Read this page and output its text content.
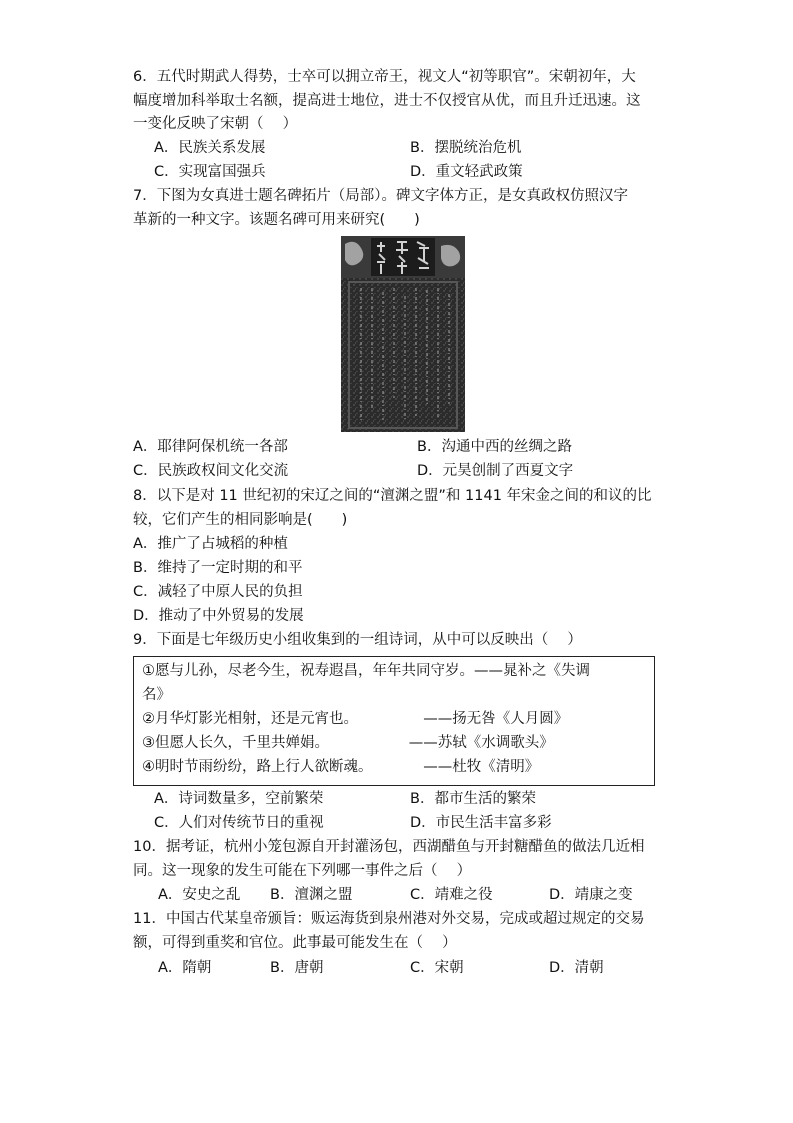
6．五代时期武人得势，士卒可以拥立帝王，视文人“初等职官”。宋朝初年，大
幅度增加科举取士名额，提高进士地位，进士不仅授官从优，而且升迁迅速。这
一变化反映了宋朝（　 ）
A．民族关系发展	B．摆脱统治危机
C．实现富国强兵	D．重文轻武政策
7．下图为女真进士题名碑拓片（局部）。碑文字体方正，是女真政权仿照汉字
革新的一种文字。该题名碑可用来研究(　　)
A．耶律阿保机统一各部	B．沟通中西的丝绸之路
C．民族政权间文化交流	D．元昊创制了西夏文字
8．以下是对 11 世纪初的宋辽之间的“澶渊之盟”和 1141 年宋金之间的和议的比
较，它们产生的相同影响是(　　)
A．推广了占城稻的种植
B．维持了一定时期的和平
C．减轻了中原人民的负担
D．推动了中外贸易的发展
9．下面是七年级历史小组收集到的一组诗词，从中可以反映出（　 ）
①愿与儿孙，尽老今生，祝寿遐昌，年年共同守岁。——晁补之《失调
名》
②月华灯影光相射，还是元宵也。　　　　　——扬无咎《人月圆》
③但愿人长久，千里共婵娟。　　　　　　——苏轼《水调歌头》
④明时节雨纷纷，路上行人欲断魂。　　　　——杜牧《清明》
A．诗词数量多，空前繁荣	B．都市生活的繁荣
C．人们对传统节日的重视	D．市民生活丰富多彩
10．据考证，杭州小笼包源自开封灌汤包，西湖醋鱼与开封糖醋鱼的做法几近相
同。这一现象的发生可能在下列哪一事件之后（　 ）
A．安史之乱 B．澶渊之盟	C．靖难之役	D．靖康之变
11．中国古代某皇帝颁旨：贩运海货到泉州港对外交易，完成或超过规定的交易
额，可得到重奖和官位。此事最可能发生在（　 ）
A．隋朝	B．唐朝	C．宋朝	D．清朝
